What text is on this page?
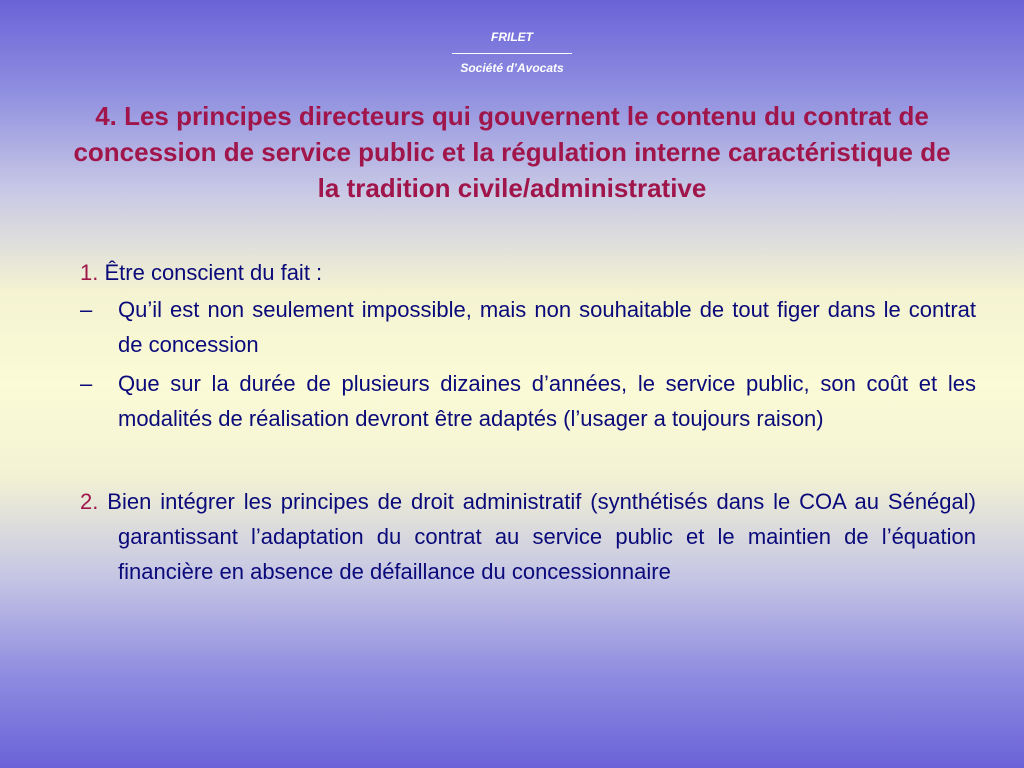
FRILET
Société d’Avocats
4. Les principes directeurs qui gouvernent le contenu du contrat de concession de service public et la régulation interne caractéristique de la tradition civile/administrative

1. Être conscient du fait :

– Qu’il est non seulement impossible, mais non souhaitable de tout figer dans le contrat de concession
– Que sur la durée de plusieurs dizaines d’années, le service public, son coût et les modalités de réalisation devront être adaptés (l’usager a toujours raison)

2. Bien intégrer les principes de droit administratif (synthétisés dans le COA au Sénégal) garantissant l’adaptation du contrat au service public et le maintien de l’équation financière en absence de défaillance du concessionnaire
